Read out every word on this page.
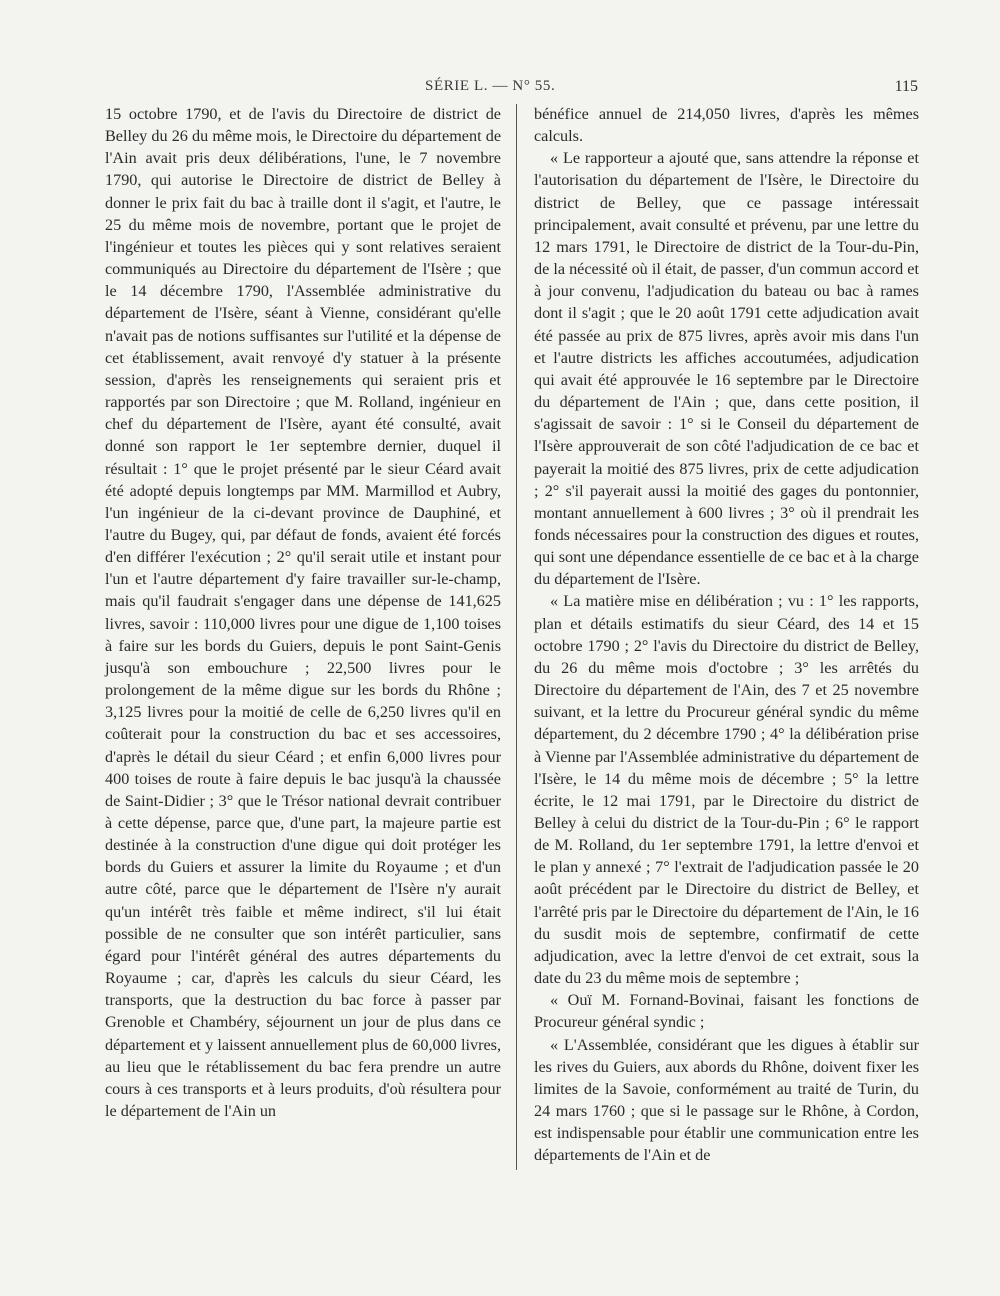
SÉRIE L. — N° 55.	115

15 octobre 1790, et de l'avis du Directoire de district de Belley du 26 du même mois, le Directoire du département de l'Ain avait pris deux délibérations, l'une, le 7 novembre 1790, qui autorise le Directoire de district de Belley à donner le prix fait du bac à traille dont il s'agit, et l'autre, le 25 du même mois de novembre, portant que le projet de l'ingénieur et toutes les pièces qui y sont relatives seraient communiqués au Directoire du département de l'Isère ; que le 14 décembre 1790, l'Assemblée administrative du département de l'Isère, séant à Vienne, considérant qu'elle n'avait pas de notions suffisantes sur l'utilité et la dépense de cet établissement, avait renvoyé d'y statuer à la présente session, d'après les renseignements qui seraient pris et rapportés par son Directoire ; que M. Rolland, ingénieur en chef du département de l'Isère, ayant été consulté, avait donné son rapport le 1er septembre dernier, duquel il résultait : 1° que le projet présenté par le sieur Céard avait été adopté depuis longtemps par MM. Marmillod et Aubry, l'un ingénieur de la ci-devant province de Dauphiné, et l'autre du Bugey, qui, par défaut de fonds, avaient été forcés d'en différer l'exécution ; 2° qu'il serait utile et instant pour l'un et l'autre département d'y faire travailler sur-le-champ, mais qu'il faudrait s'engager dans une dépense de 141,625 livres, savoir : 110,000 livres pour une digue de 1,100 toises à faire sur les bords du Guiers, depuis le pont Saint-Genis jusqu'à son embouchure ; 22,500 livres pour le prolongement de la même digue sur les bords du Rhône ; 3,125 livres pour la moitié de celle de 6,250 livres qu'il en coûterait pour la construction du bac et ses accessoires, d'après le détail du sieur Céard ; et enfin 6,000 livres pour 400 toises de route à faire depuis le bac jusqu'à la chaussée de Saint-Didier ; 3° que le Trésor national devrait contribuer à cette dépense, parce que, d'une part, la majeure partie est destinée à la construction d'une digue qui doit protéger les bords du Guiers et assurer la limite du Royaume ; et d'un autre côté, parce que le département de l'Isère n'y aurait qu'un intérêt très faible et même indirect, s'il lui était possible de ne consulter que son intérêt particulier, sans égard pour l'intérêt général des autres départements du Royaume ; car, d'après les calculs du sieur Céard, les transports, que la destruction du bac force à passer par Grenoble et Chambéry, séjournent un jour de plus dans ce département et y laissent annuellement plus de 60,000 livres, au lieu que le rétablissement du bac fera prendre un autre cours à ces transports et à leurs produits, d'où résultera pour le département de l'Ain un

bénéfice annuel de 214,050 livres, d'après les mêmes calculs.

« Le rapporteur a ajouté que, sans attendre la réponse et l'autorisation du département de l'Isère, le Directoire du district de Belley, que ce passage intéressait principalement, avait consulté et prévenu, par une lettre du 12 mars 1791, le Directoire de district de la Tour-du-Pin, de la nécessité où il était, de passer, d'un commun accord et à jour convenu, l'adjudication du bateau ou bac à rames dont il s'agit ; que le 20 août 1791 cette adjudication avait été passée au prix de 875 livres, après avoir mis dans l'un et l'autre districts les affiches accoutumées, adjudication qui avait été approuvée le 16 septembre par le Directoire du département de l'Ain ; que, dans cette position, il s'agissait de savoir : 1° si le Conseil du département de l'Isère approuverait de son côté l'adjudication de ce bac et payerait la moitié des 875 livres, prix de cette adjudication ; 2° s'il payerait aussi la moitié des gages du pontonnier, montant annuellement à 600 livres ; 3° où il prendrait les fonds nécessaires pour la construction des digues et routes, qui sont une dépendance essentielle de ce bac et à la charge du département de l'Isère.

« La matière mise en délibération ; vu : 1° les rapports, plan et détails estimatifs du sieur Céard, des 14 et 15 octobre 1790 ; 2° l'avis du Directoire du district de Belley, du 26 du même mois d'octobre ; 3° les arrêtés du Directoire du département de l'Ain, des 7 et 25 novembre suivant, et la lettre du Procureur général syndic du même département, du 2 décembre 1790 ; 4° la délibération prise à Vienne par l'Assemblée administrative du département de l'Isère, le 14 du même mois de décembre ; 5° la lettre écrite, le 12 mai 1791, par le Directoire du district de Belley à celui du district de la Tour-du-Pin ; 6° le rapport de M. Rolland, du 1er septembre 1791, la lettre d'envoi et le plan y annexé ; 7° l'extrait de l'adjudication passée le 20 août précédent par le Directoire du district de Belley, et l'arrêté pris par le Directoire du département de l'Ain, le 16 du susdit mois de septembre, confirmatif de cette adjudication, avec la lettre d'envoi de cet extrait, sous la date du 23 du même mois de septembre ;

« Ouï M. Fornand-Bovinai, faisant les fonctions de Procureur général syndic ;

« L'Assemblée, considérant que les digues à établir sur les rives du Guiers, aux abords du Rhône, doivent fixer les limites de la Savoie, conformément au traité de Turin, du 24 mars 1760 ; que si le passage sur le Rhône, à Cordon, est indispensable pour établir une communication entre les départements de l'Ain et de
